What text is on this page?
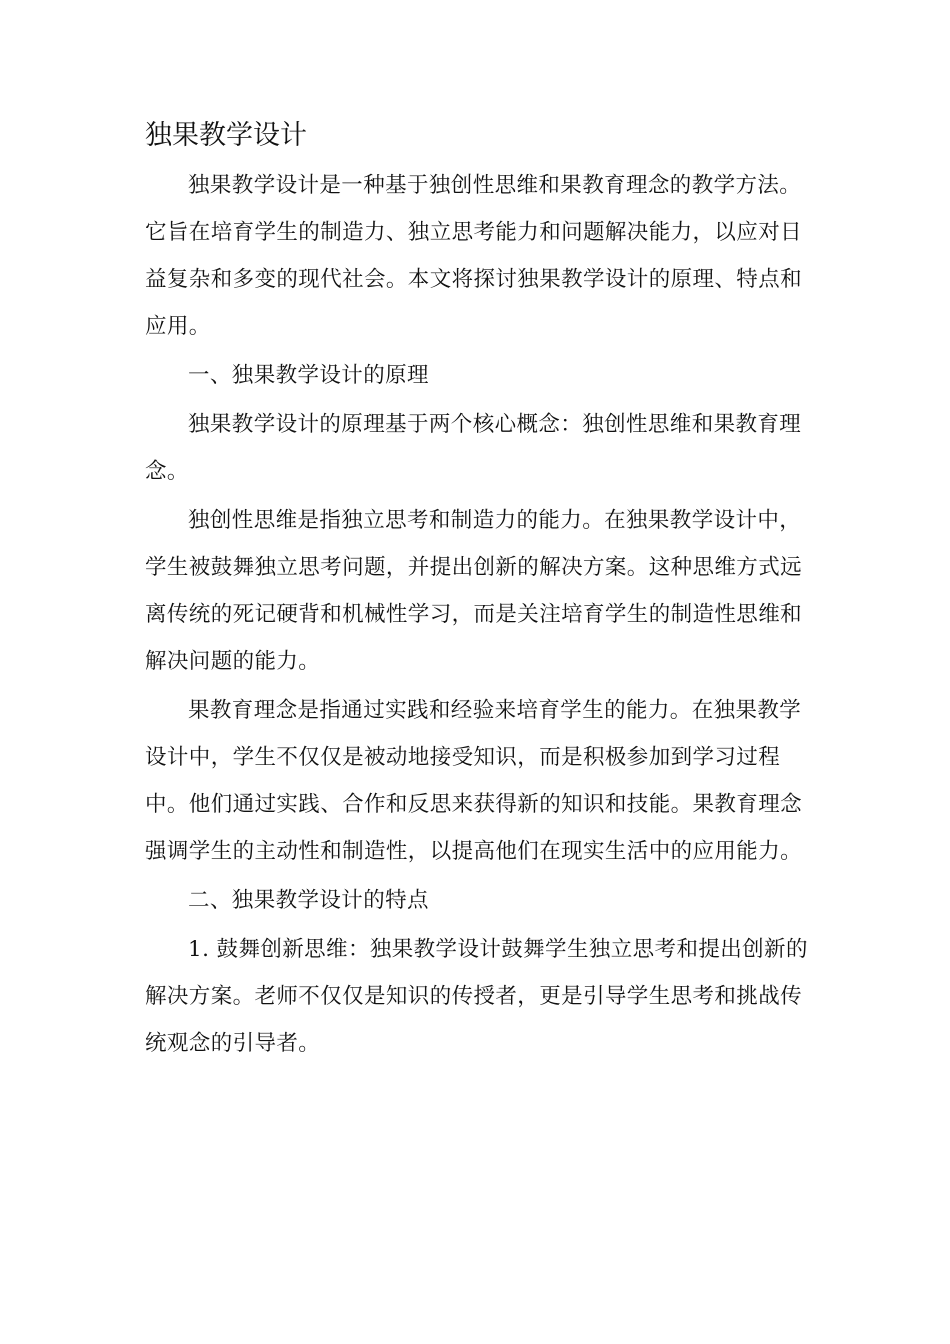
独果教学设计

独果教学设计是一种基于独创性思维和果教育理念的教学方法。它旨在培育学生的制造力、独立思考能力和问题解决能力，以应对日益复杂和多变的现代社会。本文将探讨独果教学设计的原理、特点和应用。

一、独果教学设计的原理

独果教学设计的原理基于两个核心概念：独创性思维和果教育理念。

独创性思维是指独立思考和制造力的能力。在独果教学设计中，学生被鼓舞独立思考问题，并提出创新的解决方案。这种思维方式远离传统的死记硬背和机械性学习，而是关注培育学生的制造性思维和解决问题的能力。

果教育理念是指通过实践和经验来培育学生的能力。在独果教学设计中，学生不仅仅是被动地接受知识，而是积极参加到学习过程中。他们通过实践、合作和反思来获得新的知识和技能。果教育理念强调学生的主动性和制造性，以提高他们在现实生活中的应用能力。

二、独果教学设计的特点

1. 鼓舞创新思维：独果教学设计鼓舞学生独立思考和提出创新的解决方案。老师不仅仅是知识的传授者，更是引导学生思考和挑战传统观念的引导者。
